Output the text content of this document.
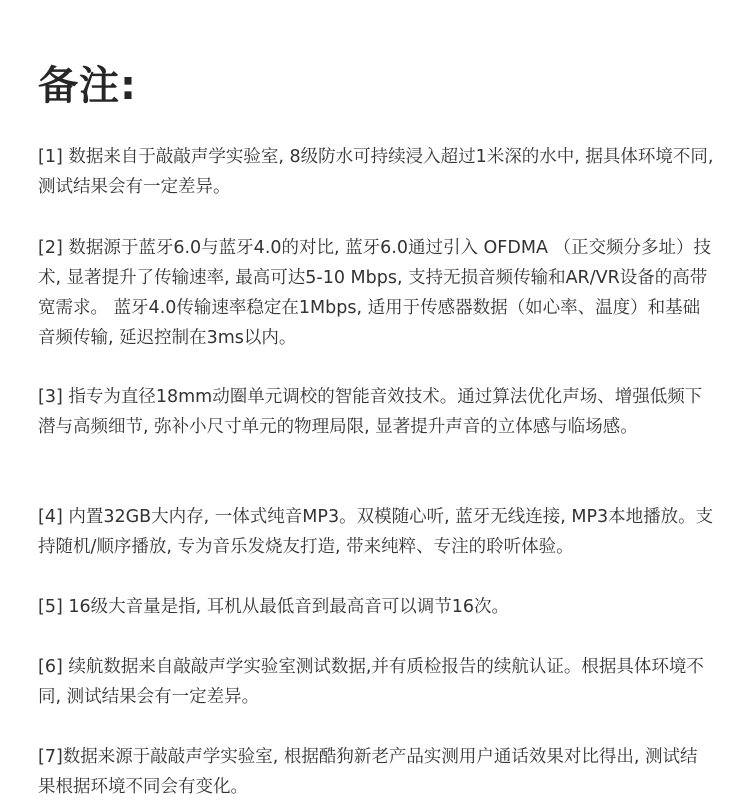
备注:

[1] 数据来自于敲敲声学实验室, 8级防水可持续浸入超过1米深的水中, 据具体环境不同, 测试结果会有一定差异。

[2] 数据源于蓝牙6.0与蓝牙4.0的对比, 蓝牙6.0通过引入 OFDMA （正交频分多址）技术, 显著提升了传输速率, 最高可达5-10 Mbps, 支持无损音频传输和AR/VR设备的高带宽需求。 蓝牙4.0传输速率稳定在1Mbps, 适用于传感器数据（如心率、温度）和基础音频传输, 延迟控制在3ms以内。

[3] 指专为直径18mm动圈单元调校的智能音效技术。通过算法优化声场、增强低频下潜与高频细节, 弥补小尺寸单元的物理局限, 显著提升声音的立体感与临场感。

[4] 内置32GB大内存, 一体式纯音MP3。双模随心听, 蓝牙无线连接, MP3本地播放。支持随机/顺序播放, 专为音乐发烧友打造, 带来纯粹、专注的聆听体验。

[5] 16级大音量是指, 耳机从最低音到最高音可以调节16次。

[6] 续航数据来自敲敲声学实验室测试数据,并有质检报告的续航认证。根据具体环境不同, 测试结果会有一定差异。

[7]数据来源于敲敲声学实验室, 根据酷狗新老产品实测用户通话效果对比得出, 测试结果根据环境不同会有变化。
